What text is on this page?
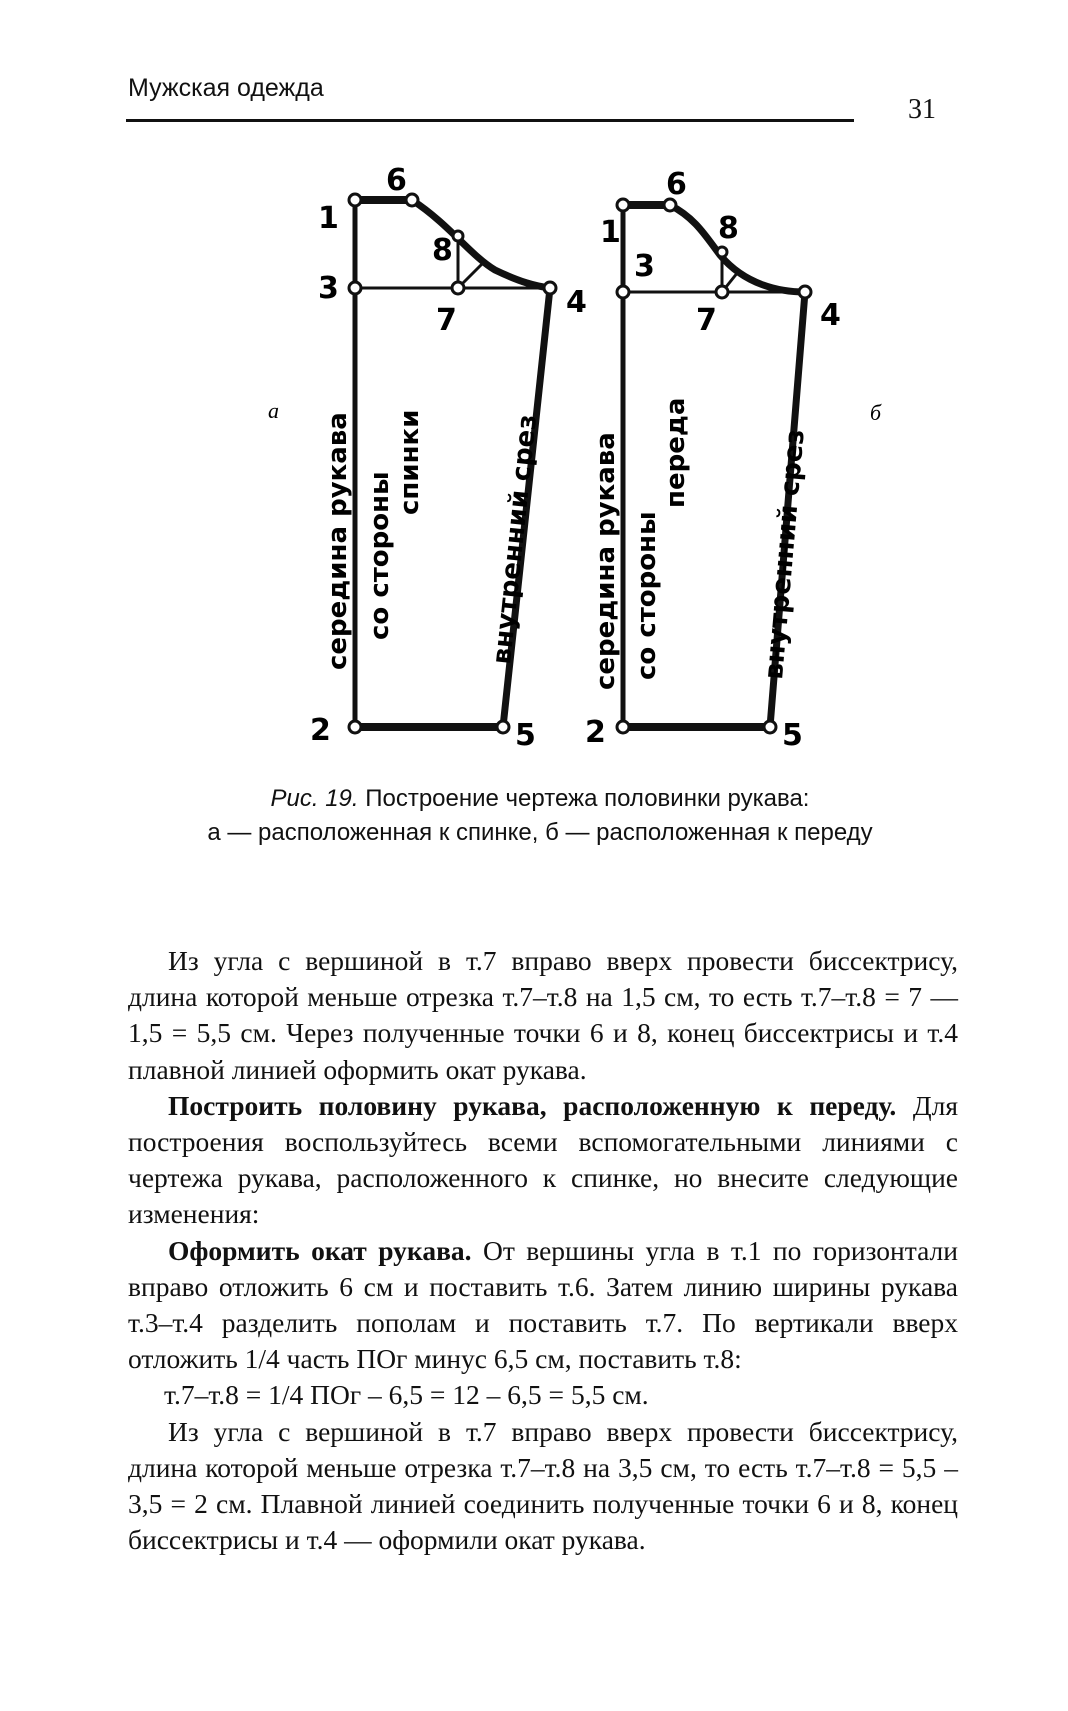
Мужская одежда
31
1
6
8
3
7
4
2	5
1
6
8
3
7	4
2	5
а	б
середина рукава со стороны
спинки внутренний срез середина рукава со стороны
переда	внутренний срез
Рис. 19. Построение чертежа половинки рукава:
а — расположенная к спинке, б — расположенная к переду

Из угла с вершиной в т.7 вправо вверх провести биссектрису, длина которой меньше отрезка т.7–т.8 на 1,5 см, то есть т.7–т.8 = 7 — 1,5 = 5,5 см. Через полученные точки 6 и 8, конец биссектрисы и т.4 плавной линией оформить окат рукава.

Построить половину рукава, расположенную к переду. Для построения воспользуйтесь всеми вспомогательными линиями с чертежа рукава, расположенного к спинке, но внесите следующие изменения:

Оформить окат рукава. От вершины угла в т.1 по горизонтали вправо отложить 6 см и поставить т.6. Затем линию ширины рукава т.3–т.4 разделить пополам и поставить т.7. По вертикали вверх отложить 1/4 часть ПОг минус 6,5 см, поставить т.8:

т.7–т.8 = 1/4 ПОг – 6,5 = 12 – 6,5 = 5,5 см.

Из угла с вершиной в т.7 вправо вверх провести биссектрису, длина которой меньше отрезка т.7–т.8 на 3,5 см, то есть т.7–т.8 = 5,5 – 3,5 = 2 см. Плавной линией соединить полученные точки 6 и 8, конец биссектрисы и т.4 — оформили окат рукава.
